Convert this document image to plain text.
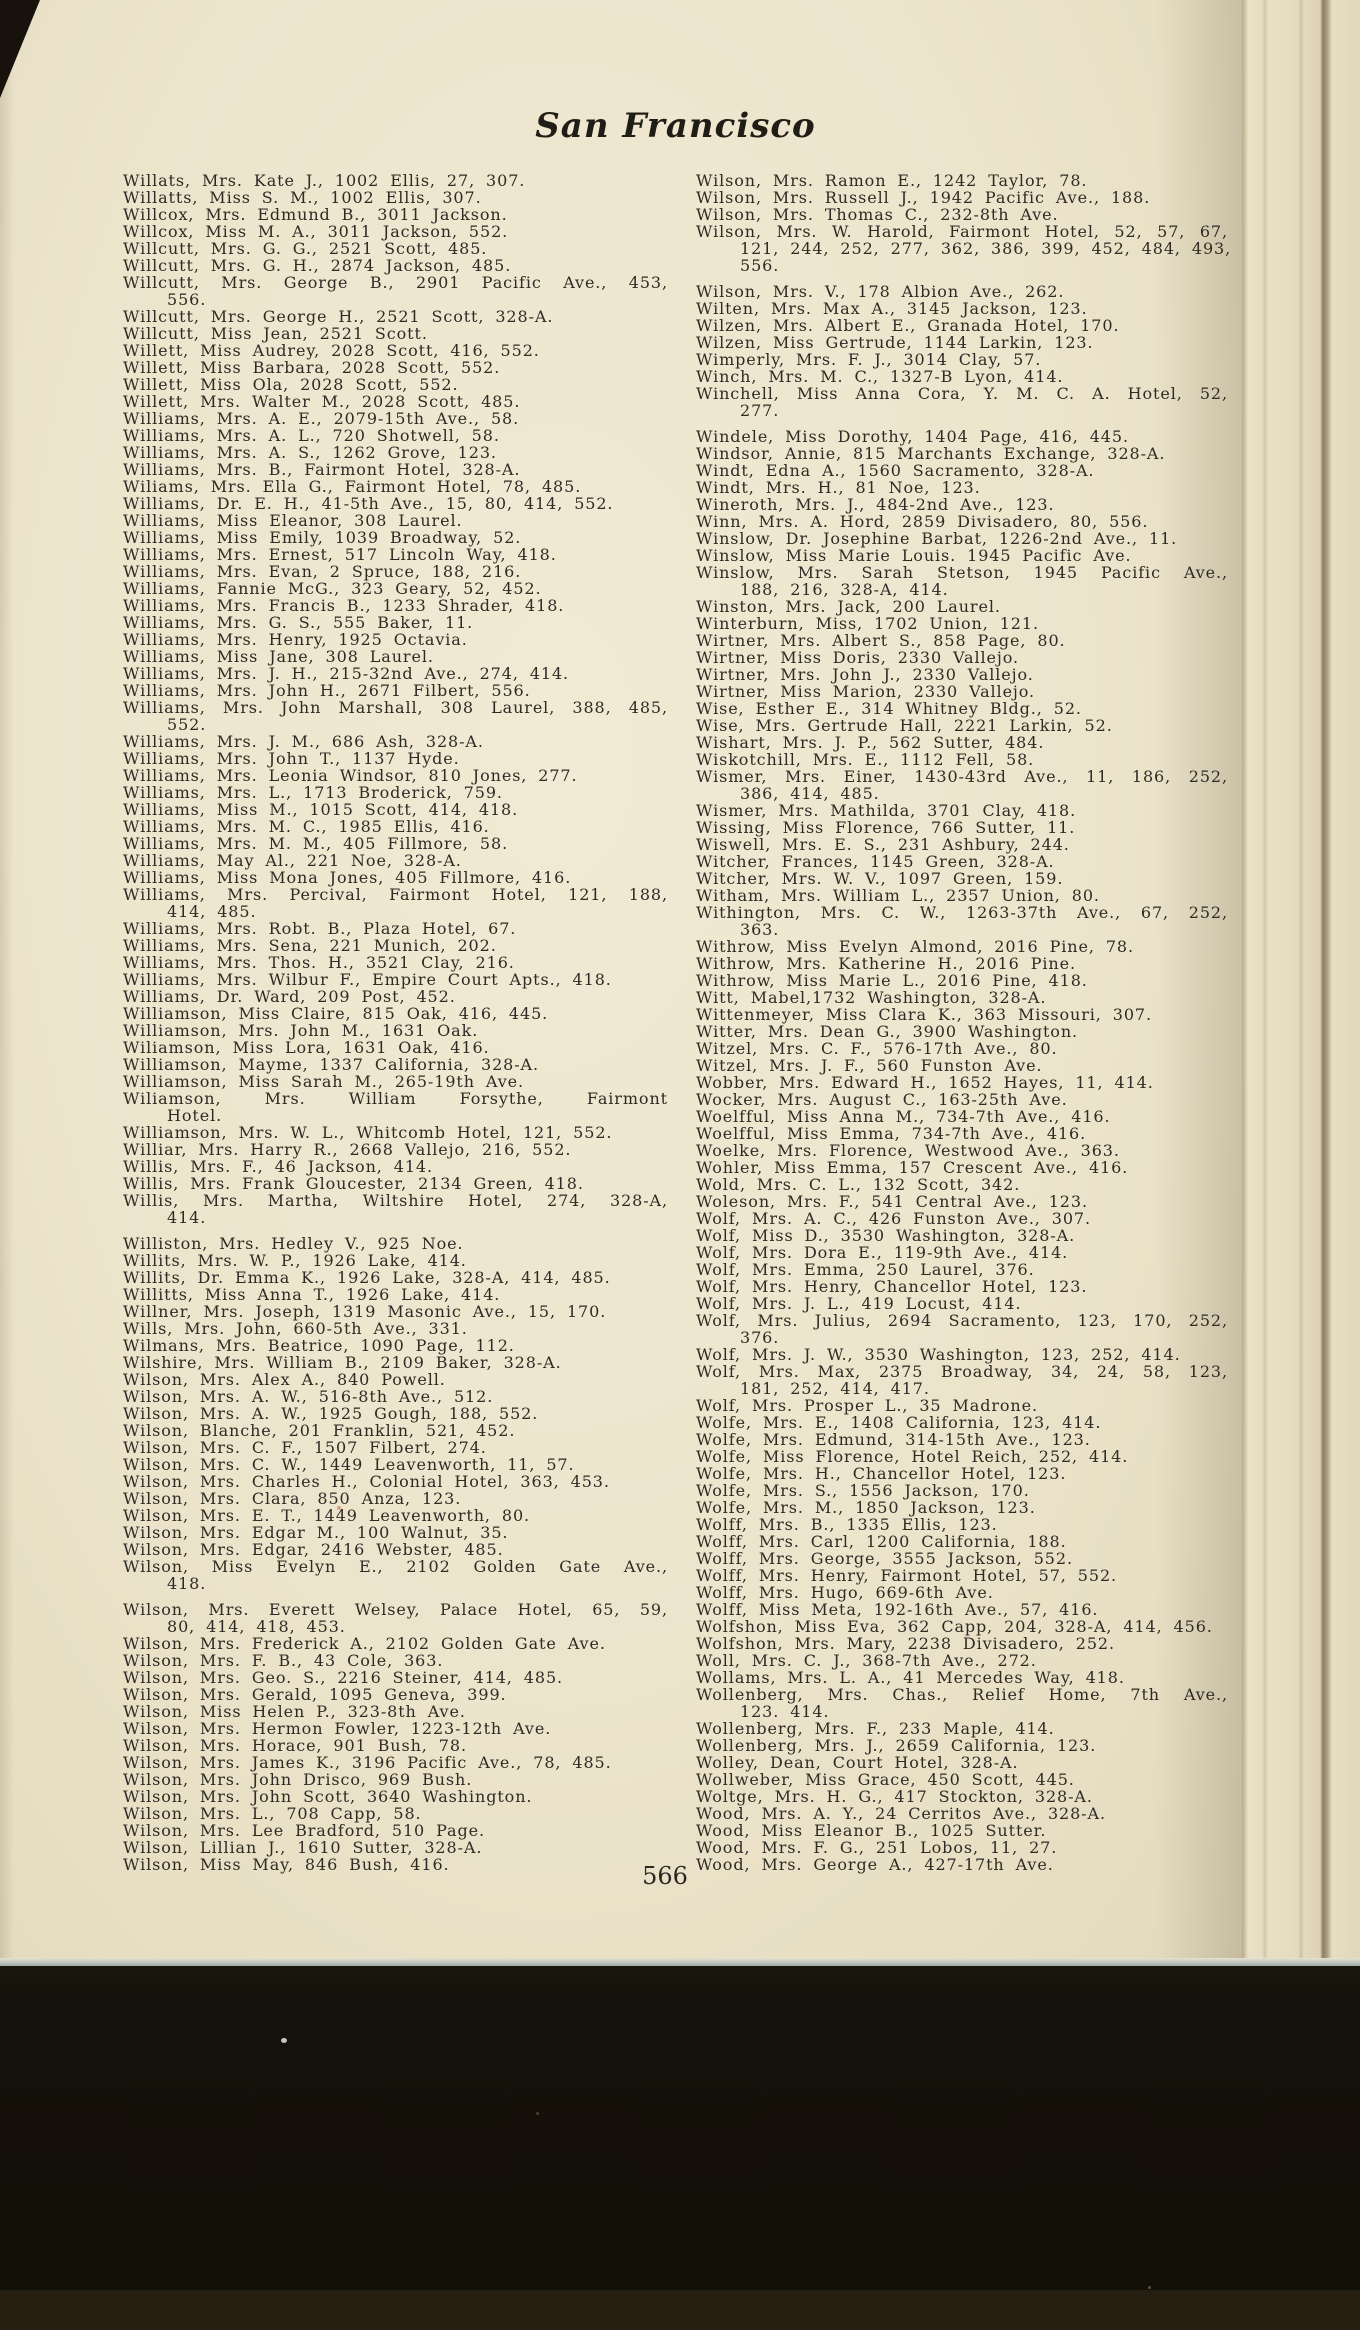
San Francisco
Willats, Mrs. Kate J., 1002 Ellis, 27, 307.
Willatts, Miss S. M., 1002 Ellis, 307.
Willcox, Mrs. Edmund B., 3011 Jackson.
Willcox, Miss M. A., 3011 Jackson, 552.
Willcutt, Mrs. G. G., 2521 Scott, 485.
Willcutt, Mrs. G. H., 2874 Jackson, 485.
Willcutt, Mrs. George B., 2901 Pacific Ave., 453,
556.
Willcutt, Mrs. George H., 2521 Scott, 328-A.
Willcutt, Miss Jean, 2521 Scott.
Willett, Miss Audrey, 2028 Scott, 416, 552.
Willett, Miss Barbara, 2028 Scott, 552.
Willett, Miss Ola, 2028 Scott, 552.
Willett, Mrs. Walter M., 2028 Scott, 485.
Williams, Mrs. A. E., 2079-15th Ave., 58.
Williams, Mrs. A. L., 720 Shotwell, 58.
Williams, Mrs. A. S., 1262 Grove, 123.
Williams, Mrs. B., Fairmont Hotel, 328-A.
Wiliams, Mrs. Ella G., Fairmont Hotel, 78, 485.
Williams, Dr. E. H., 41-5th Ave., 15, 80, 414, 552.
Williams, Miss Eleanor, 308 Laurel.
Williams, Miss Emily, 1039 Broadway, 52.
Williams, Mrs. Ernest, 517 Lincoln Way, 418.
Williams, Mrs. Evan, 2 Spruce, 188, 216.
Williams, Fannie McG., 323 Geary, 52, 452.
Williams, Mrs. Francis B., 1233 Shrader, 418.
Williams, Mrs. G. S., 555 Baker, 11.
Williams, Mrs. Henry, 1925 Octavia.
Williams, Miss Jane, 308 Laurel.
Williams, Mrs. J. H., 215-32nd Ave., 274, 414.
Williams, Mrs. John H., 2671 Filbert, 556.
Williams, Mrs. John Marshall, 308 Laurel, 388, 485,
552.
Williams, Mrs. J. M., 686 Ash, 328-A.
Williams, Mrs. John T., 1137 Hyde.
Williams, Mrs. Leonia Windsor, 810 Jones, 277.
Williams, Mrs. L., 1713 Broderick, 759.
Williams, Miss M., 1015 Scott, 414, 418.
Williams, Mrs. M. C., 1985 Ellis, 416.
Williams, Mrs. M. M., 405 Fillmore, 58.
Williams, May Al., 221 Noe, 328-A.
Williams, Miss Mona Jones, 405 Fillmore, 416.
Williams, Mrs. Percival, Fairmont Hotel, 121, 188,
414, 485.
Williams, Mrs. Robt. B., Plaza Hotel, 67.
Williams, Mrs. Sena, 221 Munich, 202.
Williams, Mrs. Thos. H., 3521 Clay, 216.
Williams, Mrs. Wilbur F., Empire Court Apts., 418.
Williams, Dr. Ward, 209 Post, 452.
Williamson, Miss Claire, 815 Oak, 416, 445.
Williamson, Mrs. John M., 1631 Oak.
Wiliamson, Miss Lora, 1631 Oak, 416.
Williamson, Mayme, 1337 California, 328-A.
Williamson, Miss Sarah M., 265-19th Ave.
Wiliamson, Mrs. William Forsythe, Fairmont
Hotel.
Williamson, Mrs. W. L., Whitcomb Hotel, 121, 552.
Williar, Mrs. Harry R., 2668 Vallejo, 216, 552.
Willis, Mrs. F., 46 Jackson, 414.
Willis, Mrs. Frank Gloucester, 2134 Green, 418.
Willis, Mrs. Martha, Wiltshire Hotel, 274, 328-A,
414.
Williston, Mrs. Hedley V., 925 Noe.
Willits, Mrs. W. P., 1926 Lake, 414.
Willits, Dr. Emma K., 1926 Lake, 328-A, 414, 485.
Willitts, Miss Anna T., 1926 Lake, 414.
Willner, Mrs. Joseph, 1319 Masonic Ave., 15, 170.
Wills, Mrs. John, 660-5th Ave., 331.
Wilmans, Mrs. Beatrice, 1090 Page, 112.
Wilshire, Mrs. William B., 2109 Baker, 328-A.
Wilson, Mrs. Alex A., 840 Powell.
Wilson, Mrs. A. W., 516-8th Ave., 512.
Wilson, Mrs. A. W., 1925 Gough, 188, 552.
Wilson, Blanche, 201 Franklin, 521, 452.
Wilson, Mrs. C. F., 1507 Filbert, 274.
Wilson, Mrs. C. W., 1449 Leavenworth, 11, 57.
Wilson, Mrs. Charles H., Colonial Hotel, 363, 453.
Wilson, Mrs. Clara, 850 Anza, 123.
Wilson, Mrs. E. T., 1449 Leavenworth, 80.
Wilson, Mrs. Edgar M., 100 Walnut, 35.
Wilson, Mrs. Edgar, 2416 Webster, 485.
Wilson, Miss Evelyn E., 2102 Golden Gate Ave.,
418.
Wilson, Mrs. Everett Welsey, Palace Hotel, 65, 59,
80, 414, 418, 453.
Wilson, Mrs. Frederick A., 2102 Golden Gate Ave.
Wilson, Mrs. F. B., 43 Cole, 363.
Wilson, Mrs. Geo. S., 2216 Steiner, 414, 485.
Wilson, Mrs. Gerald, 1095 Geneva, 399.
Wilson, Miss Helen P., 323-8th Ave.
Wilson, Mrs. Hermon Fowler, 1223-12th Ave.
Wilson, Mrs. Horace, 901 Bush, 78.
Wilson, Mrs. James K., 3196 Pacific Ave., 78, 485.
Wilson, Mrs. John Drisco, 969 Bush.
Wilson, Mrs. John Scott, 3640 Washington.
Wilson, Mrs. L., 708 Capp, 58.
Wilson, Mrs. Lee Bradford, 510 Page.
Wilson, Lillian J., 1610 Sutter, 328-A.
Wilson, Miss May, 846 Bush, 416.
Wilson, Mrs. Ramon E., 1242 Taylor, 78.
Wilson, Mrs. Russell J., 1942 Pacific Ave., 188.
Wilson, Mrs. Thomas C., 232-8th Ave.
Wilson, Mrs. W. Harold, Fairmont Hotel, 52, 57, 67,
121, 244, 252, 277, 362, 386, 399, 452, 484, 493,
556.
Wilson, Mrs. V., 178 Albion Ave., 262.
Wilten, Mrs. Max A., 3145 Jackson, 123.
Wilzen, Mrs. Albert E., Granada Hotel, 170.
Wilzen, Miss Gertrude, 1144 Larkin, 123.
Wimperly, Mrs. F. J., 3014 Clay, 57.
Winch, Mrs. M. C., 1327-B Lyon, 414.
Winchell, Miss Anna Cora, Y. M. C. A. Hotel, 52,
277.
Windele, Miss Dorothy, 1404 Page, 416, 445.
Windsor, Annie, 815 Marchants Exchange, 328-A.
Windt, Edna A., 1560 Sacramento, 328-A.
Windt, Mrs. H., 81 Noe, 123.
Wineroth, Mrs. J., 484-2nd Ave., 123.
Winn, Mrs. A. Hord, 2859 Divisadero, 80, 556.
Winslow, Dr. Josephine Barbat, 1226-2nd Ave., 11.
Winslow, Miss Marie Louis. 1945 Pacific Ave.
Winslow, Mrs. Sarah Stetson, 1945 Pacific Ave.,
188, 216, 328-A, 414.
Winston, Mrs. Jack, 200 Laurel.
Winterburn, Miss, 1702 Union, 121.
Wirtner, Mrs. Albert S., 858 Page, 80.
Wirtner, Miss Doris, 2330 Vallejo.
Wirtner, Mrs. John J., 2330 Vallejo.
Wirtner, Miss Marion, 2330 Vallejo.
Wise, Esther E., 314 Whitney Bldg., 52.
Wise, Mrs. Gertrude Hall, 2221 Larkin, 52.
Wishart, Mrs. J. P., 562 Sutter, 484.
Wiskotchill, Mrs. E., 1112 Fell, 58.
Wismer, Mrs. Einer, 1430-43rd Ave., 11, 186, 252,
386, 414, 485.
Wismer, Mrs. Mathilda, 3701 Clay, 418.
Wissing, Miss Florence, 766 Sutter, 11.
Wiswell, Mrs. E. S., 231 Ashbury, 244.
Witcher, Frances, 1145 Green, 328-A.
Witcher, Mrs. W. V., 1097 Green, 159.
Witham, Mrs. William L., 2357 Union, 80.
Withington, Mrs. C. W., 1263-37th Ave., 67, 252,
363.
Withrow, Miss Evelyn Almond, 2016 Pine, 78.
Withrow, Mrs. Katherine H., 2016 Pine.
Withrow, Miss Marie L., 2016 Pine, 418.
Witt, Mabel,1732 Washington, 328-A.
Wittenmeyer, Miss Clara K., 363 Missouri, 307.
Witter, Mrs. Dean G., 3900 Washington.
Witzel, Mrs. C. F., 576-17th Ave., 80.
Witzel, Mrs. J. F., 560 Funston Ave.
Wobber, Mrs. Edward H., 1652 Hayes, 11, 414.
Wocker, Mrs. August C., 163-25th Ave.
Woelfful, Miss Anna M., 734-7th Ave., 416.
Woelfful, Miss Emma, 734-7th Ave., 416.
Woelke, Mrs. Florence, Westwood Ave., 363.
Wohler, Miss Emma, 157 Crescent Ave., 416.
Wold, Mrs. C. L., 132 Scott, 342.
Woleson, Mrs. F., 541 Central Ave., 123.
Wolf, Mrs. A. C., 426 Funston Ave., 307.
Wolf, Miss D., 3530 Washington, 328-A.
Wolf, Mrs. Dora E., 119-9th Ave., 414.
Wolf, Mrs. Emma, 250 Laurel, 376.
Wolf, Mrs. Henry, Chancellor Hotel, 123.
Wolf, Mrs. J. L., 419 Locust, 414.
Wolf, Mrs. Julius, 2694 Sacramento, 123, 170, 252,
376.
Wolf, Mrs. J. W., 3530 Washington, 123, 252, 414.
Wolf, Mrs. Max, 2375 Broadway, 34, 24, 58, 123,
181, 252, 414, 417.
Wolf, Mrs. Prosper L., 35 Madrone.
Wolfe, Mrs. E., 1408 California, 123, 414.
Wolfe, Mrs. Edmund, 314-15th Ave., 123.
Wolfe, Miss Florence, Hotel Reich, 252, 414.
Wolfe, Mrs. H., Chancellor Hotel, 123.
Wolfe, Mrs. S., 1556 Jackson, 170.
Wolfe, Mrs. M., 1850 Jackson, 123.
Wolff, Mrs. B., 1335 Ellis, 123.
Wolff, Mrs. Carl, 1200 California, 188.
Wolff, Mrs. George, 3555 Jackson, 552.
Wolff, Mrs. Henry, Fairmont Hotel, 57, 552.
Wolff, Mrs. Hugo, 669-6th Ave.
Wolff, Miss Meta, 192-16th Ave., 57, 416.
Wolfshon, Miss Eva, 362 Capp, 204, 328-A, 414, 456.
Wolfshon, Mrs. Mary, 2238 Divisadero, 252.
Woll, Mrs. C. J., 368-7th Ave., 272.
Wollams, Mrs. L. A., 41 Mercedes Way, 418.
Wollenberg, Mrs. Chas., Relief Home, 7th Ave.,
123. 414.
Wollenberg, Mrs. F., 233 Maple, 414.
Wollenberg, Mrs. J., 2659 California, 123.
Wolley, Dean, Court Hotel, 328-A.
Wollweber, Miss Grace, 450 Scott, 445.
Woltge, Mrs. H. G., 417 Stockton, 328-A.
Wood, Mrs. A. Y., 24 Cerritos Ave., 328-A.
Wood, Miss Eleanor B., 1025 Sutter.
Wood, Mrs. F. G., 251 Lobos, 11, 27.
Wood, Mrs. George A., 427-17th Ave.
566
